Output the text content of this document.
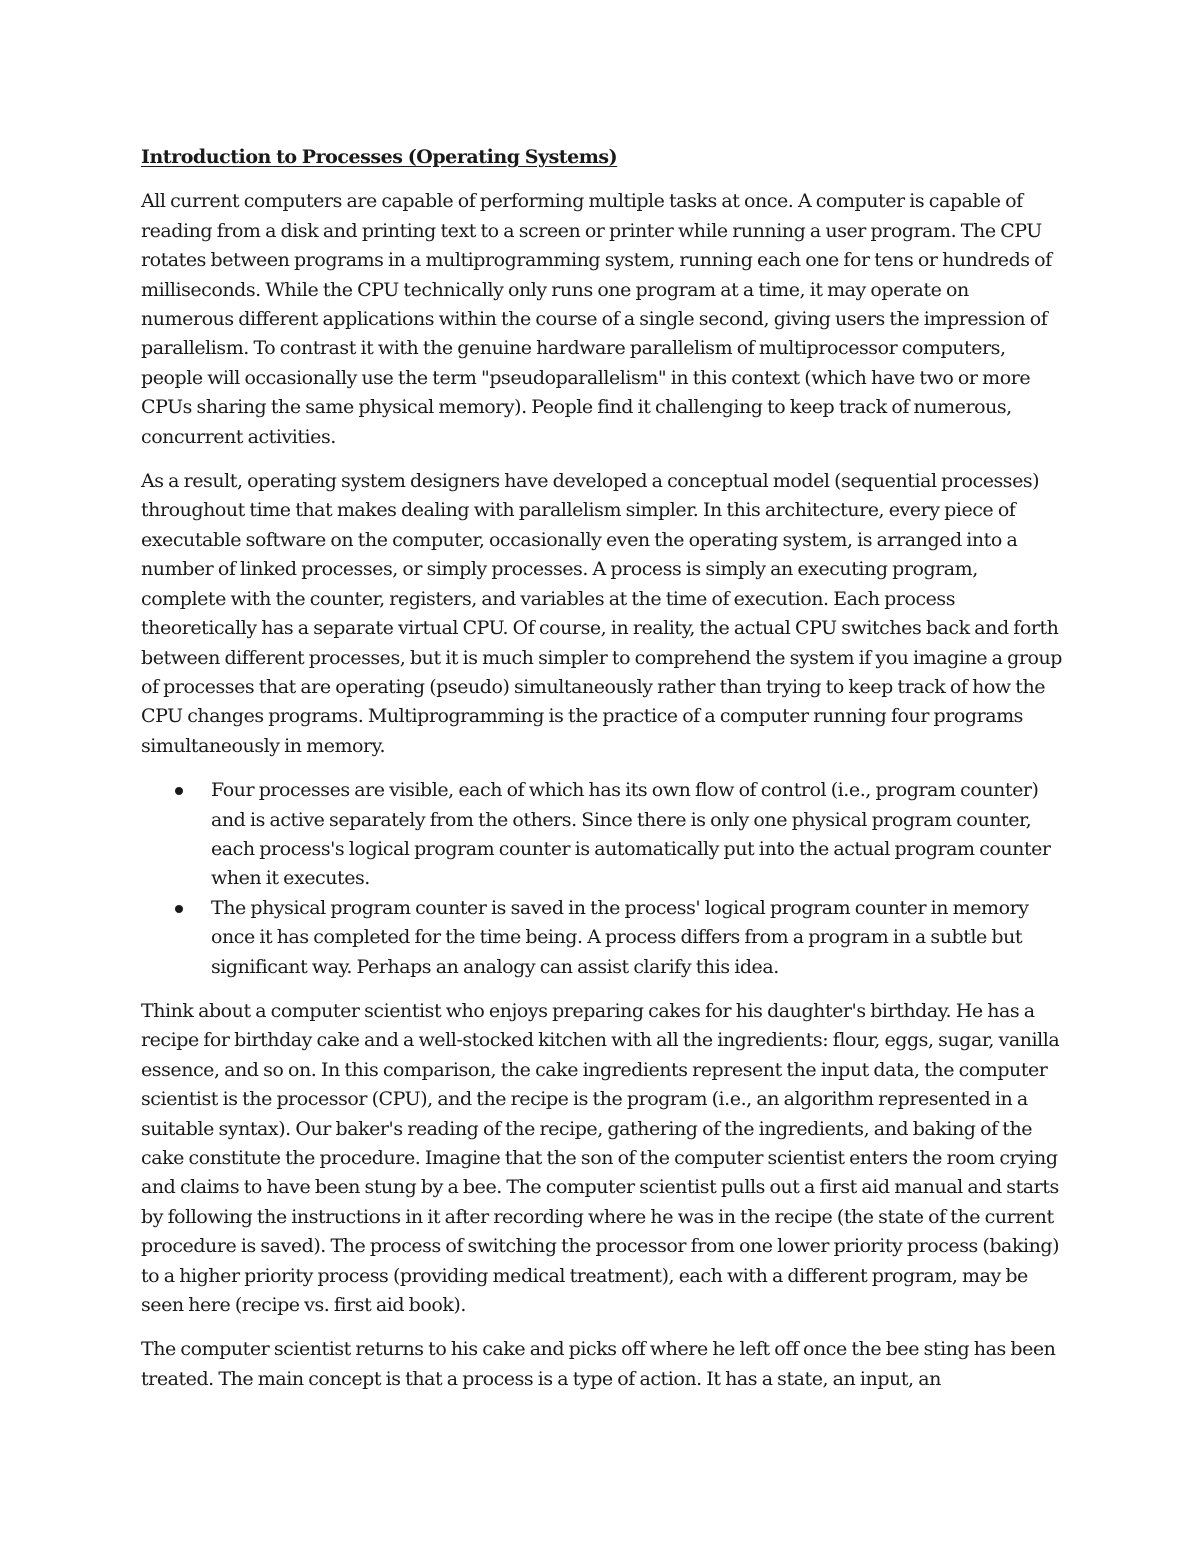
Introduction to Processes (Operating Systems)

All current computers are capable of performing multiple tasks at once. A computer is capable of reading from a disk and printing text to a screen or printer while running a user program. The CPU rotates between programs in a multiprogramming system, running each one for tens or hundreds of milliseconds. While the CPU technically only runs one program at a time, it may operate on numerous different applications within the course of a single second, giving users the impression of parallelism. To contrast it with the genuine hardware parallelism of multiprocessor computers, people will occasionally use the term "pseudoparallelism" in this context (which have two or more CPUs sharing the same physical memory). People find it challenging to keep track of numerous, concurrent activities.

As a result, operating system designers have developed a conceptual model (sequential processes) throughout time that makes dealing with parallelism simpler. In this architecture, every piece of executable software on the computer, occasionally even the operating system, is arranged into a number of linked processes, or simply processes. A process is simply an executing program, complete with the counter, registers, and variables at the time of execution. Each process theoretically has a separate virtual CPU. Of course, in reality, the actual CPU switches back and forth between different processes, but it is much simpler to comprehend the system if you imagine a group of processes that are operating (pseudo) simultaneously rather than trying to keep track of how the CPU changes programs. Multiprogramming is the practice of a computer running four programs simultaneously in memory.

Four processes are visible, each of which has its own flow of control (i.e., program counter) and is active separately from the others. Since there is only one physical program counter, each process's logical program counter is automatically put into the actual program counter when it executes.
The physical program counter is saved in the process' logical program counter in memory once it has completed for the time being. A process differs from a program in a subtle but significant way. Perhaps an analogy can assist clarify this idea.

Think about a computer scientist who enjoys preparing cakes for his daughter's birthday. He has a recipe for birthday cake and a well-stocked kitchen with all the ingredients: flour, eggs, sugar, vanilla essence, and so on. In this comparison, the cake ingredients represent the input data, the computer scientist is the processor (CPU), and the recipe is the program (i.e., an algorithm represented in a suitable syntax). Our baker's reading of the recipe, gathering of the ingredients, and baking of the cake constitute the procedure. Imagine that the son of the computer scientist enters the room crying and claims to have been stung by a bee. The computer scientist pulls out a first aid manual and starts by following the instructions in it after recording where he was in the recipe (the state of the current procedure is saved). The process of switching the processor from one lower priority process (baking) to a higher priority process (providing medical treatment), each with a different program, may be seen here (recipe vs. first aid book).

The computer scientist returns to his cake and picks off where he left off once the bee sting has been treated. The main concept is that a process is a type of action. It has a state, an input, an
